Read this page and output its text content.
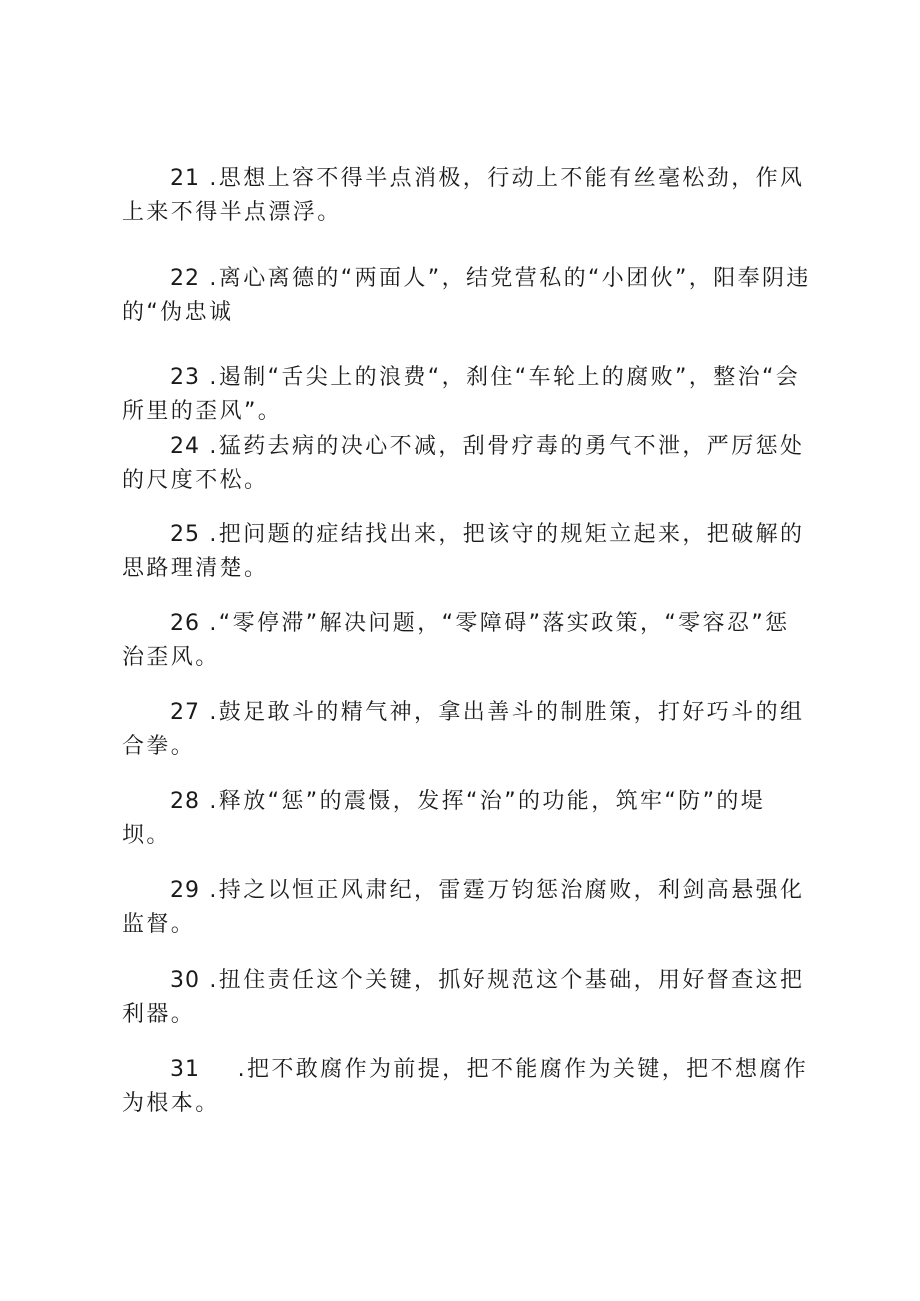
21 .思想上容不得半点消极，行动上不能有丝毫松劲，作风上来不得半点漂浮。

22 .离心离德的“两面人”，结党营私的“小团伙”，阳奉阴违的“伪忠诚

23 .遏制“舌尖上的浪费“，刹住“车轮上的腐败”，整治“会所里的歪风”。

24 .猛药去病的决心不减，刮骨疗毒的勇气不泄，严厉惩处的尺度不松。

25 .把问题的症结找出来，把该守的规矩立起来，把破解的思路理清楚。

26 .“零停滞”解决问题，“零障碍”落实政策，“零容忍”惩治歪风。

27 .鼓足敢斗的精气神，拿出善斗的制胜策，打好巧斗的组合拳。

28 .释放“惩”的震慑，发挥“治”的功能，筑牢“防”的堤坝。

29 .持之以恒正风肃纪，雷霆万钧惩治腐败，利剑高悬强化监督。

30 .扭住责任这个关键，抓好规范这个基础，用好督查这把利器。

31    .把不敢腐作为前提，把不能腐作为关键，把不想腐作为根本。
